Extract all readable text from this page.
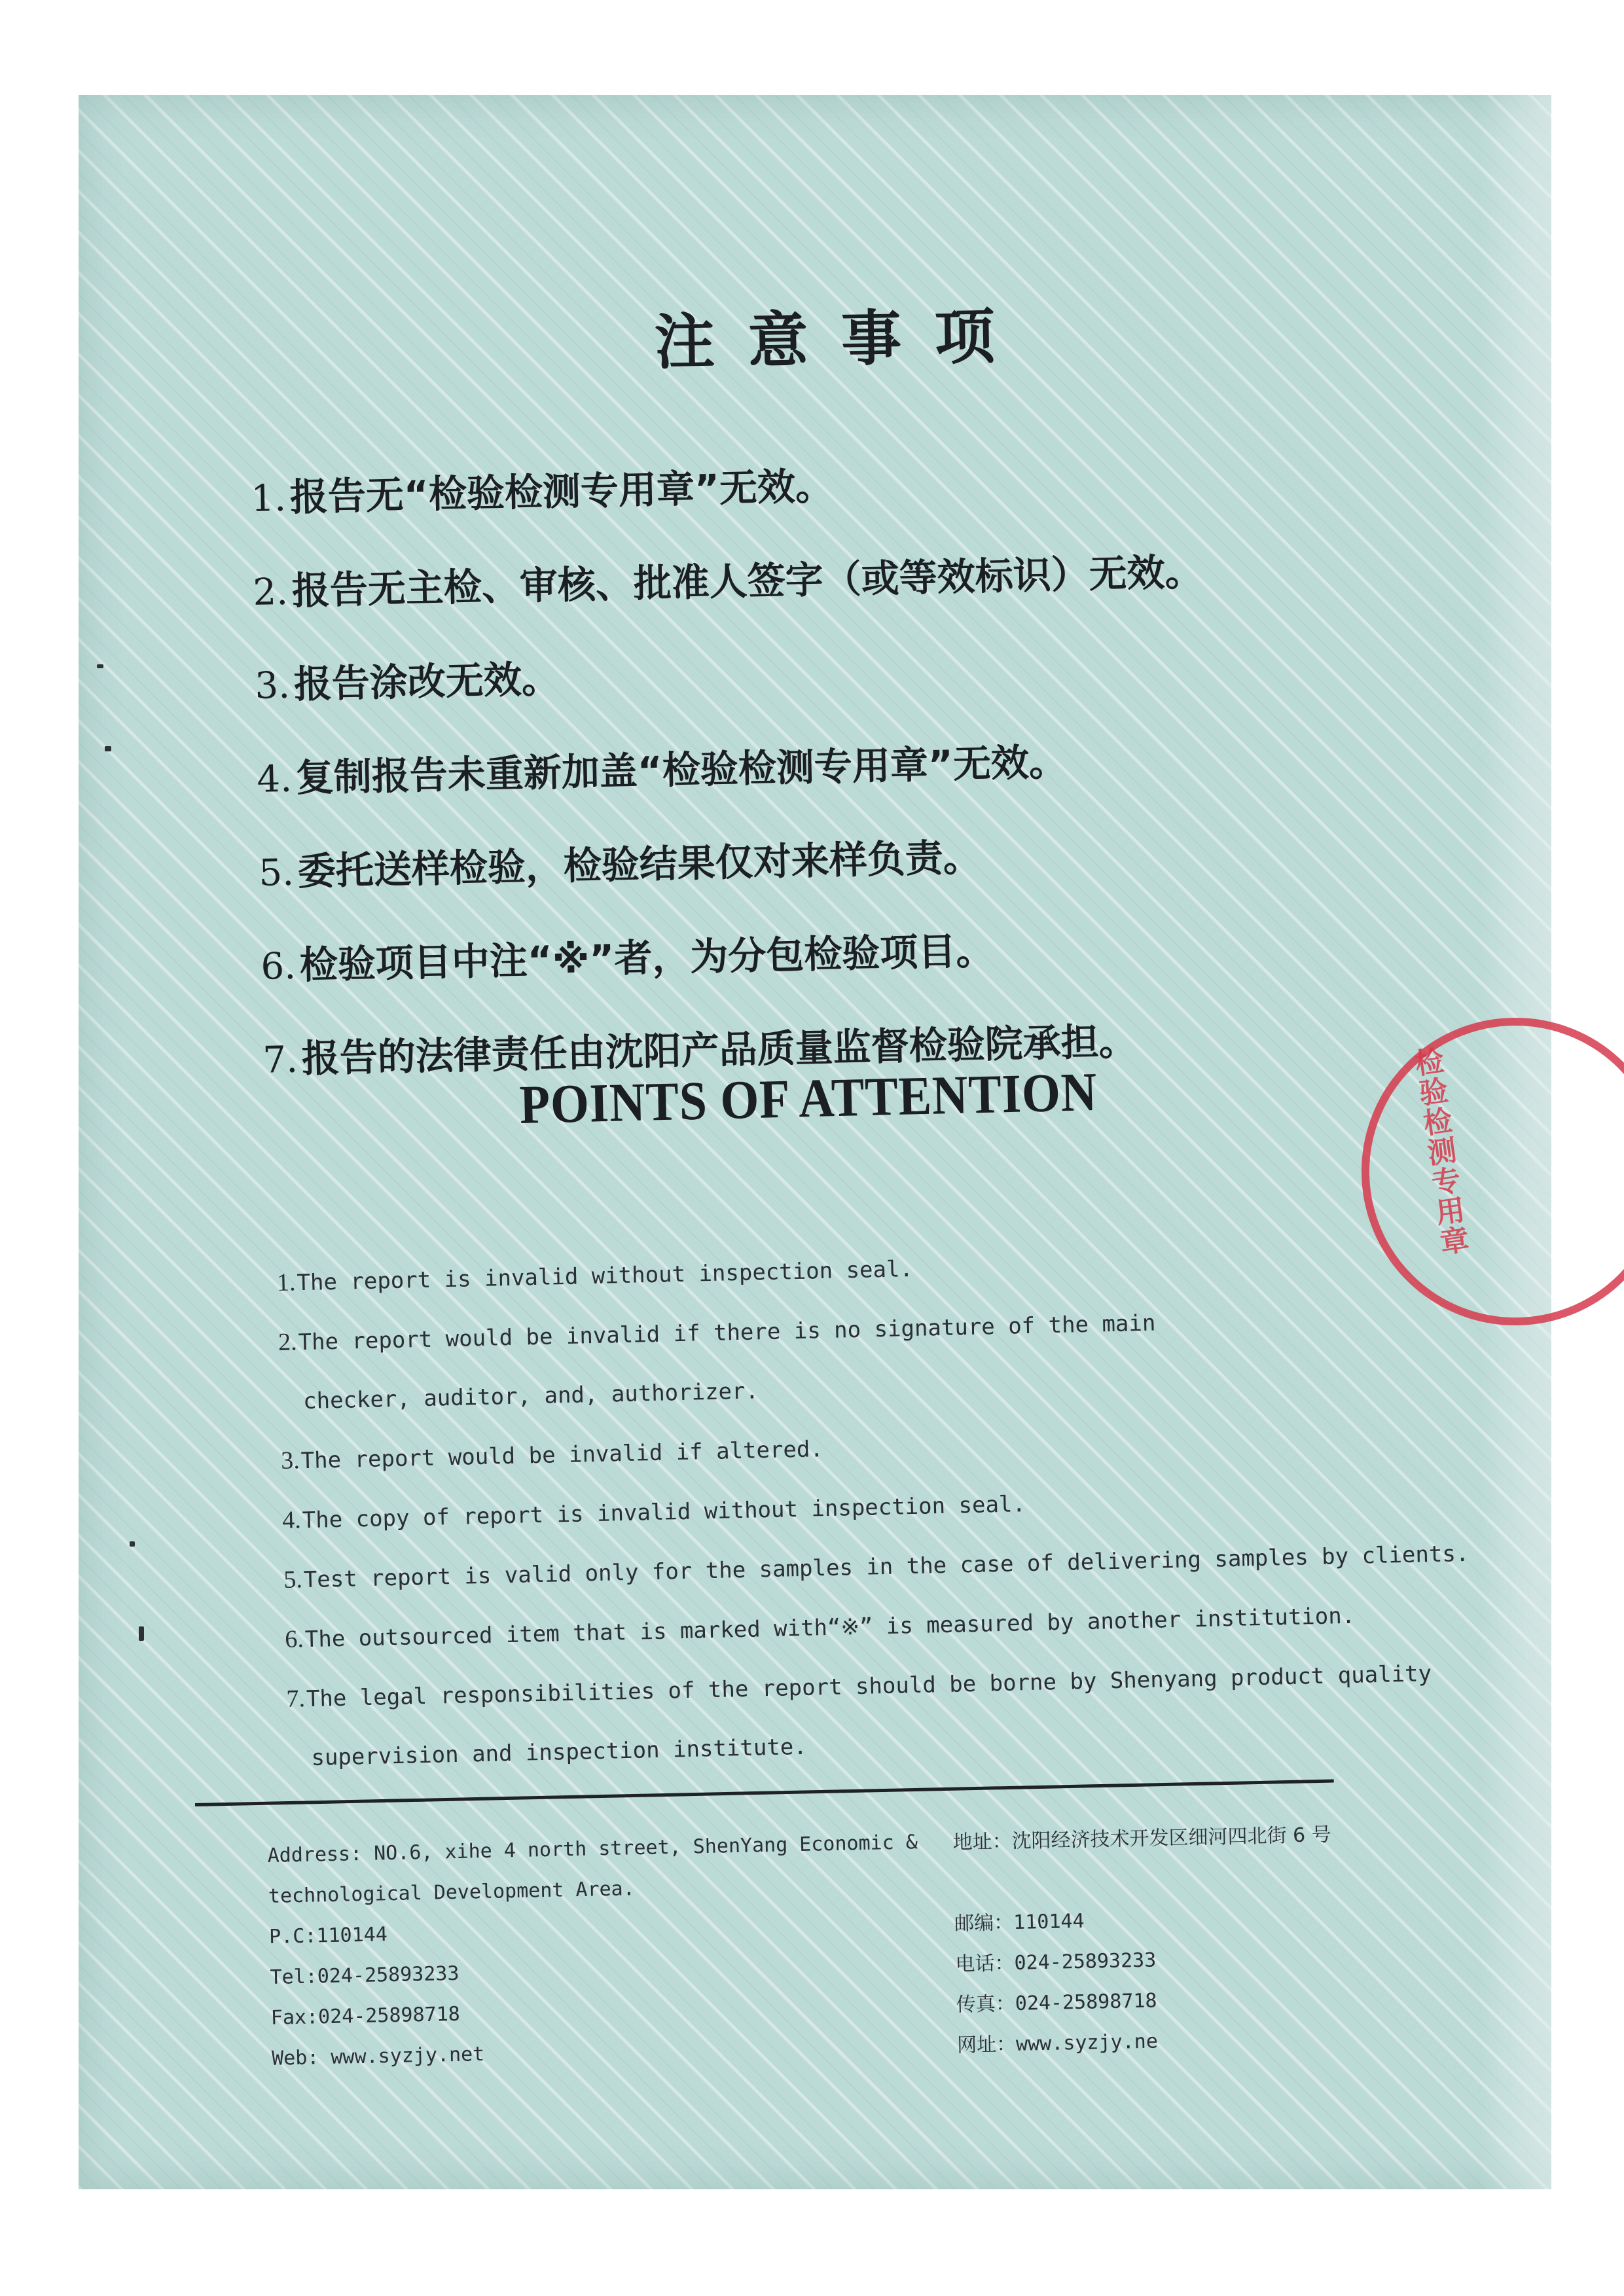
注意事项
1.报告无“检验检测专用章”无效。
2.报告无主检、审核、批准人签字（或等效标识）无效。
3.报告涂改无效。
4.复制报告未重新加盖“检验检测专用章”无效。
5.委托送样检验，检验结果仅对来样负责。
6.检验项目中注“※”者，为分包检验项目。
7.报告的法律责任由沈阳产品质量监督检验院承担。
POINTS OF ATTENTION
1.The report is invalid without inspection seal.
2.The report would be invalid if there is no signature of the main
checker, auditor, and, authorizer.
3.The report would be invalid if altered.
4.The copy of report is invalid without inspection seal.
5.Test report is valid only for the samples in the case of delivering samples by clients.
6.The outsourced item that is marked with“※” is measured by another institution.
7.The legal responsibilities of the report should be borne by Shenyang product quality
supervision and inspection institute.
Address: NO.6, xihe 4 north street, ShenYang Economic &
technological Development Area.
P.C:110144
Tel:024-25893233
Fax:024-25898718
Web: www.syzjy.net
地址：沈阳经济技术开发区细河四北街 6 号
邮编：110144
电话：024-25893233
传真：024-25898718
网址：www.syzjy.ne
检验检测专用章
